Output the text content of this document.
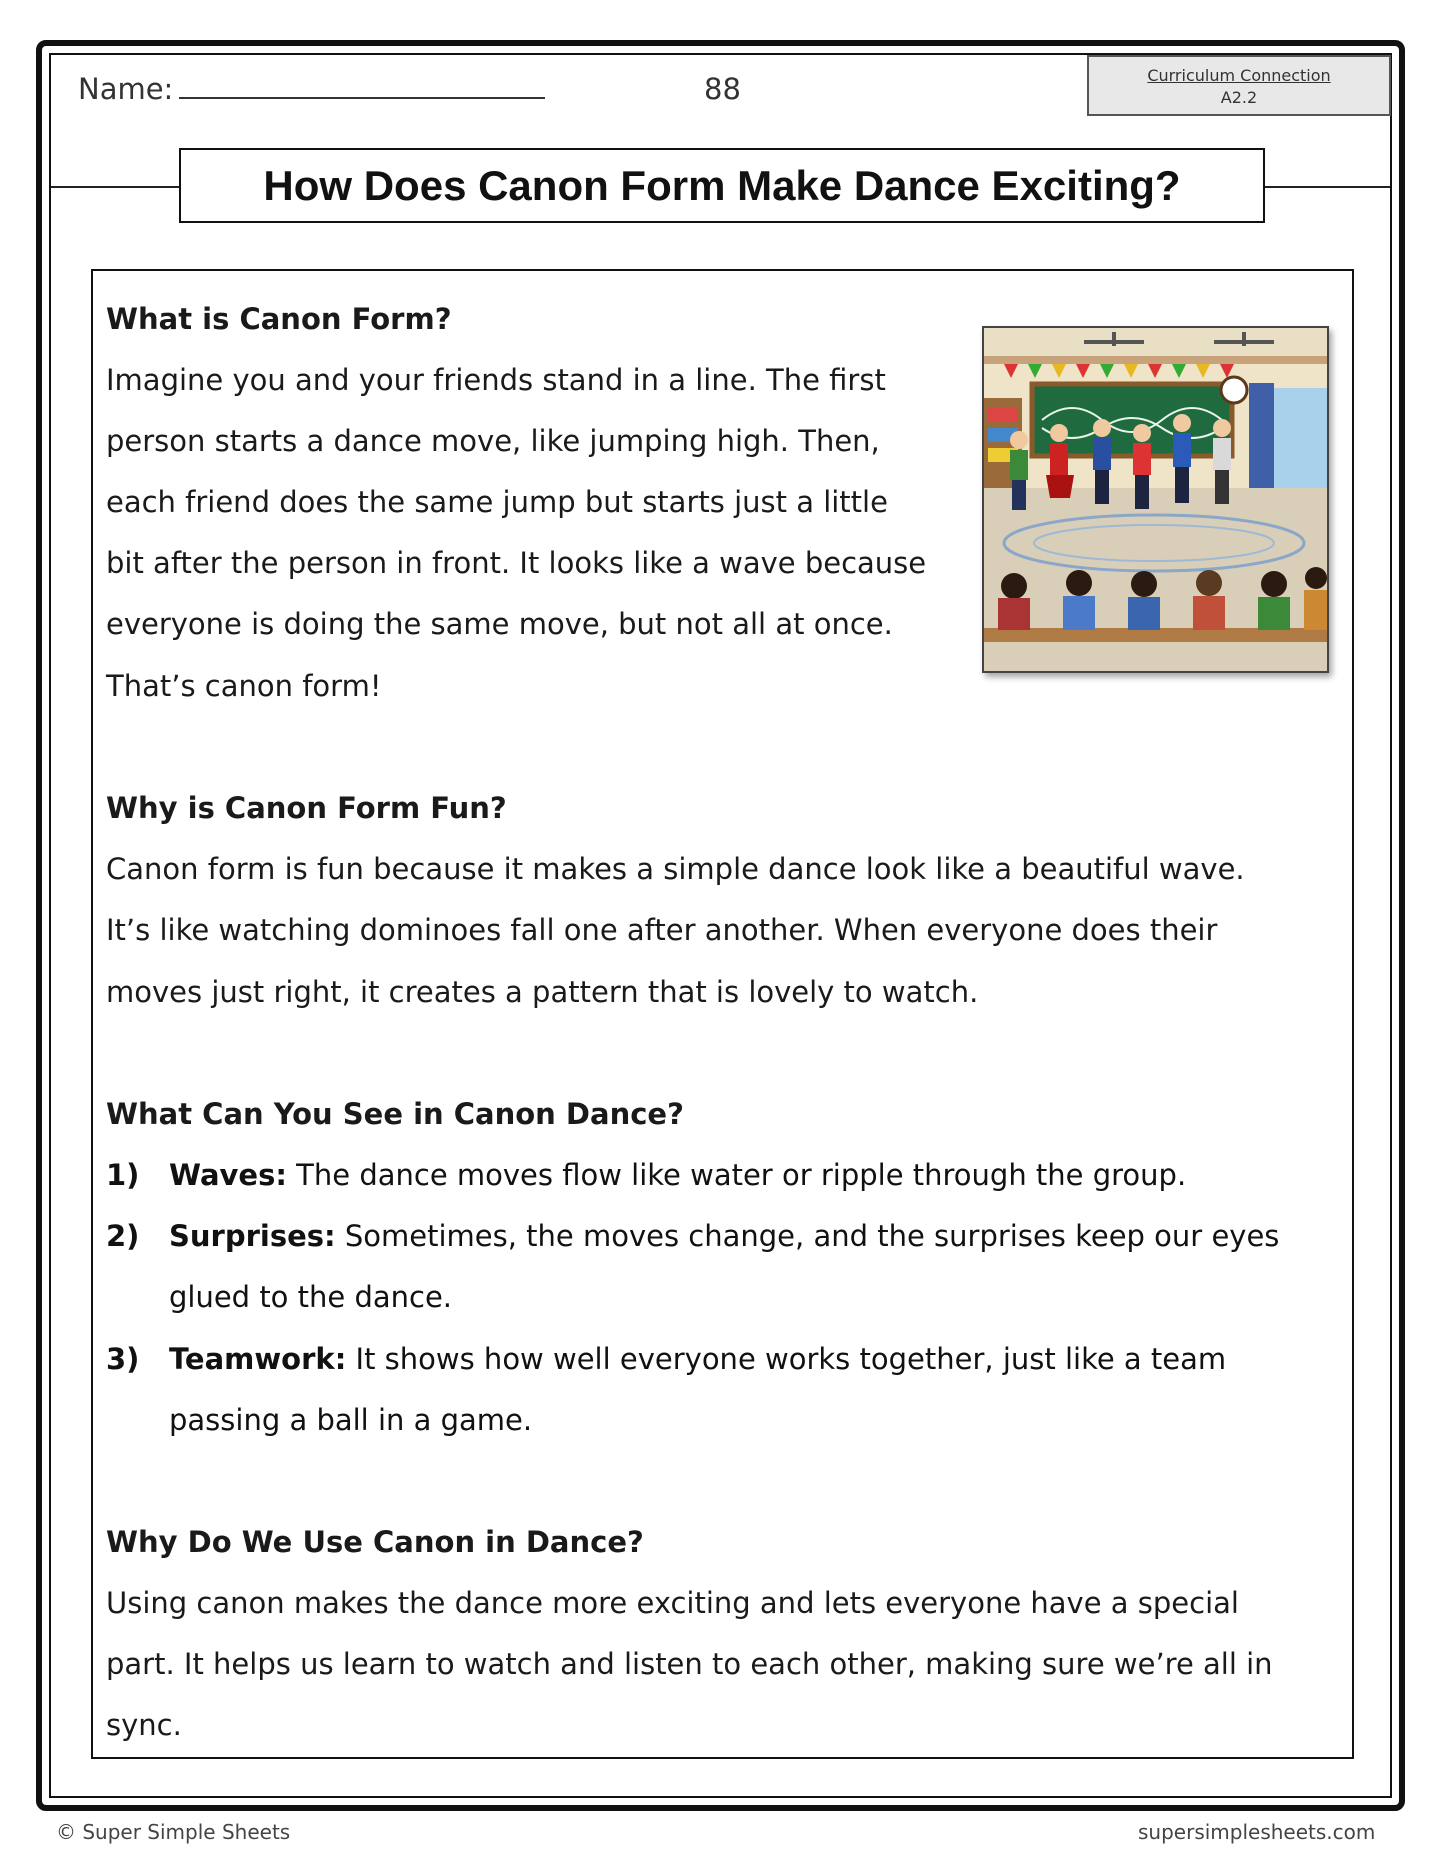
Name:	88	Curriculum Connection
A2.2
How Does Canon Form Make Dance Exciting?
What is Canon Form?
Imagine you and your friends stand in a line. The first
person starts a dance move, like jumping high. Then,
each friend does the same jump but starts just a little
bit after the person in front. It looks like a wave because
everyone is doing the same move, but not all at once.
That’s canon form!
Why is Canon Form Fun?
Canon form is fun because it makes a simple dance look like a beautiful wave.
It’s like watching dominoes fall one after another. When everyone does their
moves just right, it creates a pattern that is lovely to watch.
What Can You See in Canon Dance?
1) Waves: The dance moves flow like water or ripple through the group.
2) Surprises: Sometimes, the moves change, and the surprises keep our eyes
glued to the dance.
3) Teamwork: It shows how well everyone works together, just like a team
passing a ball in a game.
Why Do We Use Canon in Dance?
Using canon makes the dance more exciting and lets everyone have a special
part. It helps us learn to watch and listen to each other, making sure we’re all in
sync.
© Super Simple Sheets	supersimplesheets.com
